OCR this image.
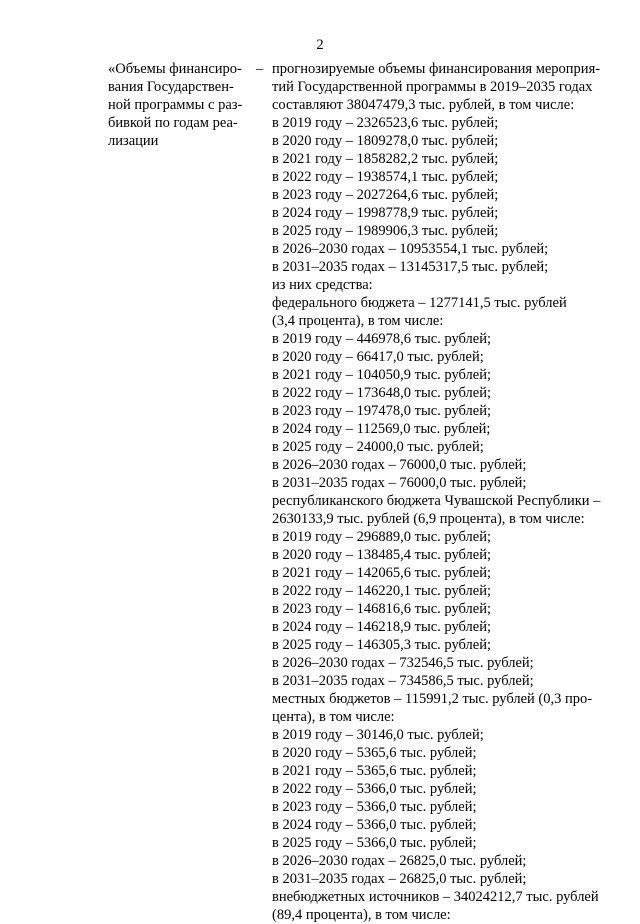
2
«Объемы финансиро-
вания Государствен-
ной программы с раз-
бивкой по годам реа-
лизации
– прогнозируемые объемы финансирования мероприя-
тий Государственной программы в 2019–2035 годах
составляют 38047479,3 тыс. рублей, в том числе:
в 2019 году – 2326523,6 тыс. рублей;
в 2020 году – 1809278,0 тыс. рублей;
в 2021 году – 1858282,2 тыс. рублей;
в 2022 году – 1938574,1 тыс. рублей;
в 2023 году – 2027264,6 тыс. рублей;
в 2024 году – 1998778,9 тыс. рублей;
в 2025 году – 1989906,3 тыс. рублей;
в 2026–2030 годах – 10953554,1 тыс. рублей;
в 2031–2035 годах – 13145317,5 тыс. рублей;
из них средства:
федерального бюджета – 1277141,5 тыс. рублей
(3,4 процента), в том числе:
в 2019 году – 446978,6 тыс. рублей;
в 2020 году – 66417,0 тыс. рублей;
в 2021 году – 104050,9 тыс. рублей;
в 2022 году – 173648,0 тыс. рублей;
в 2023 году – 197478,0 тыс. рублей;
в 2024 году – 112569,0 тыс. рублей;
в 2025 году – 24000,0 тыс. рублей;
в 2026–2030 годах – 76000,0 тыс. рублей;
в 2031–2035 годах – 76000,0 тыс. рублей;
республиканского бюджета Чувашской Республики –
2630133,9 тыс. рублей (6,9 процента), в том числе:
в 2019 году – 296889,0 тыс. рублей;
в 2020 году – 138485,4 тыс. рублей;
в 2021 году – 142065,6 тыс. рублей;
в 2022 году – 146220,1 тыс. рублей;
в 2023 году – 146816,6 тыс. рублей;
в 2024 году – 146218,9 тыс. рублей;
в 2025 году – 146305,3 тыс. рублей;
в 2026–2030 годах – 732546,5 тыс. рублей;
в 2031–2035 годах – 734586,5 тыс. рублей;
местных бюджетов – 115991,2 тыс. рублей (0,3 про-
цента), в том числе:
в 2019 году – 30146,0 тыс. рублей;
в 2020 году – 5365,6 тыс. рублей;
в 2021 году – 5365,6 тыс. рублей;
в 2022 году – 5366,0 тыс. рублей;
в 2023 году – 5366,0 тыс. рублей;
в 2024 году – 5366,0 тыс. рублей;
в 2025 году – 5366,0 тыс. рублей;
в 2026–2030 годах – 26825,0 тыс. рублей;
в 2031–2035 годах – 26825,0 тыс. рублей;
внебюджетных источников – 34024212,7 тыс. рублей
(89,4 процента), в том числе:
